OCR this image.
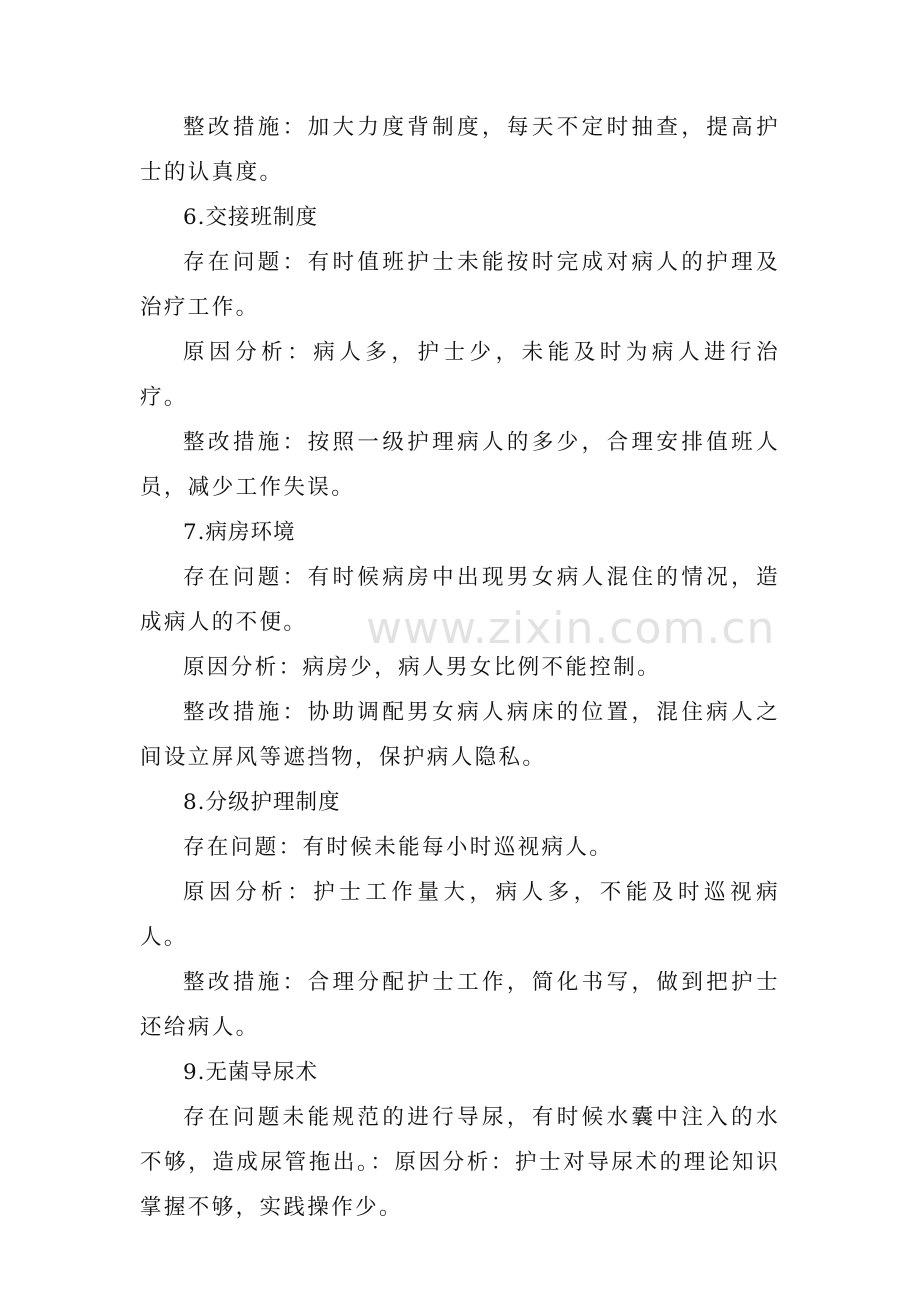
整改措施：加大力度背制度，每天不定时抽查，提高护士的认真度。

6.交接班制度

存在问题：有时值班护士未能按时完成对病人的护理及治疗工作。

原因分析：病人多，护士少，未能及时为病人进行治疗。

整改措施：按照一级护理病人的多少，合理安排值班人员，减少工作失误。

7.病房环境

存在问题：有时候病房中出现男女病人混住的情况，造成病人的不便。

原因分析：病房少，病人男女比例不能控制。

整改措施：协助调配男女病人病床的位置，混住病人之间设立屏风等遮挡物，保护病人隐私。

8.分级护理制度

存在问题：有时候未能每小时巡视病人。

原因分析：护士工作量大，病人多，不能及时巡视病人。

整改措施：合理分配护士工作，简化书写，做到把护士还给病人。

9.无菌导尿术

存在问题未能规范的进行导尿，有时候水囊中注入的水不够，造成尿管拖出。：原因分析：护士对导尿术的理论知识掌握不够，实践操作少。

www.zixin.com.cn
